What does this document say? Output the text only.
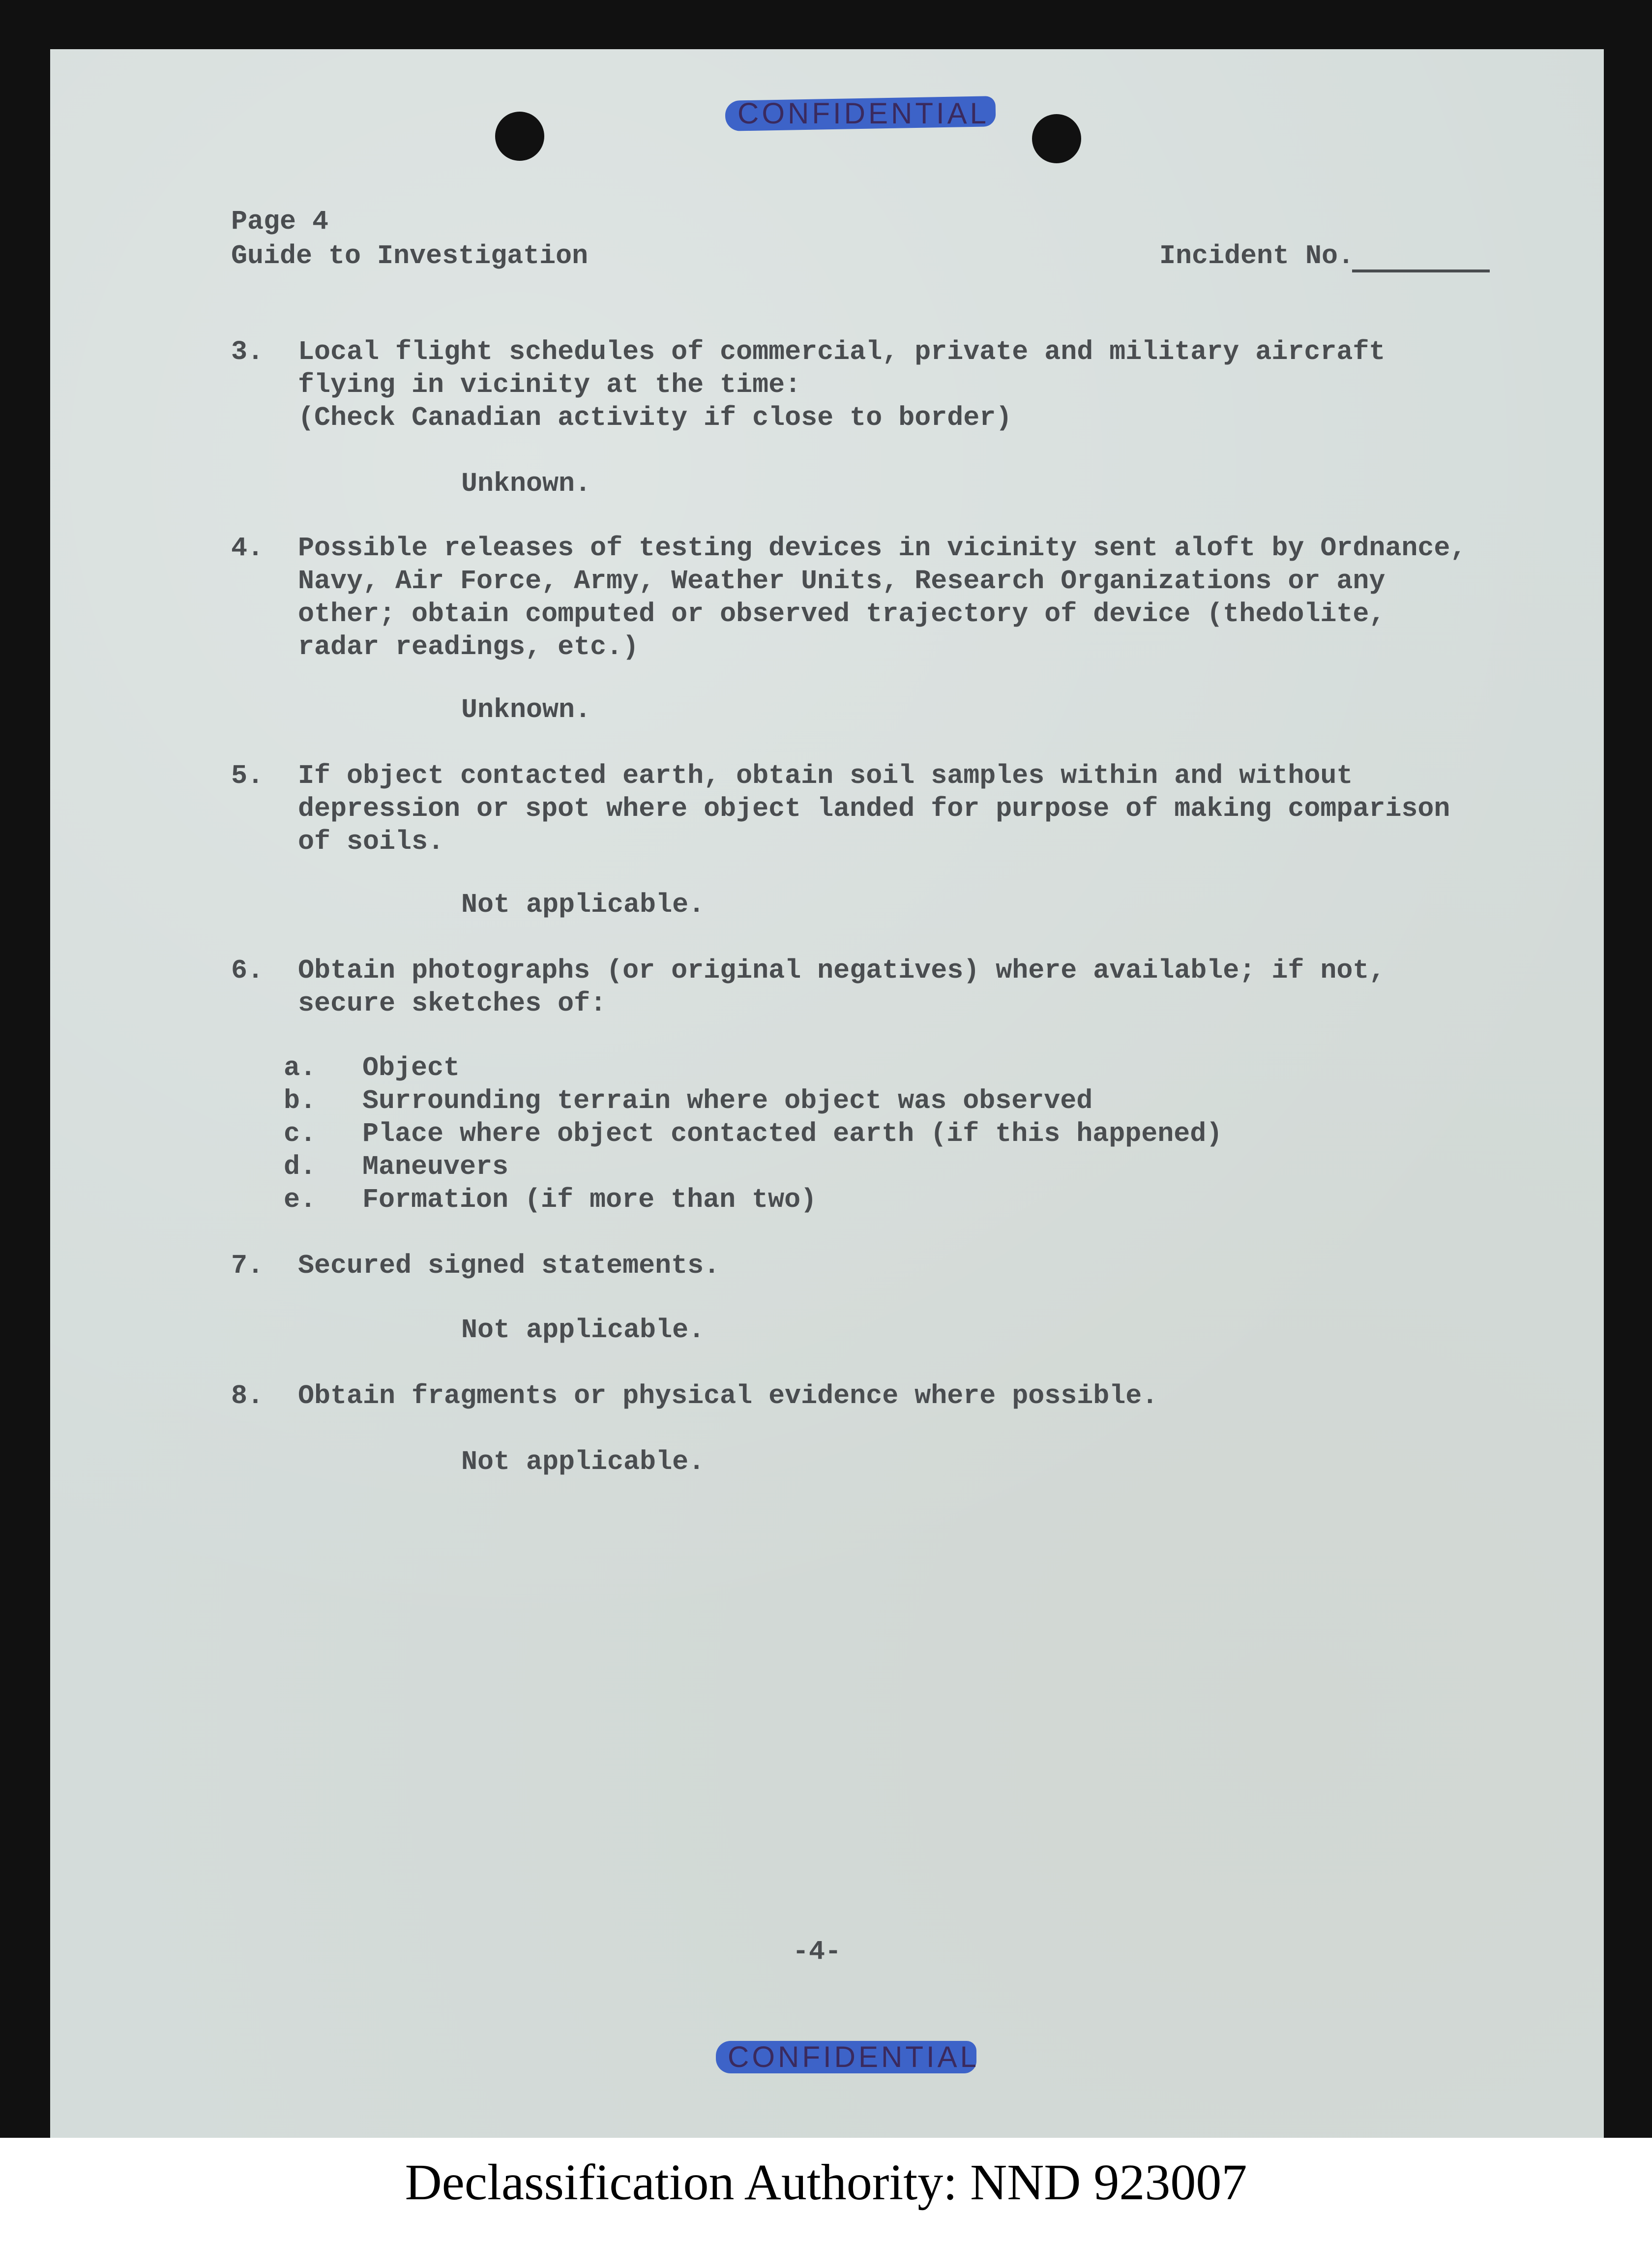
CONFIDENTIAL
CONFIDENTIAL
Page 4
Guide to Investigation	Incident No.
3. Local flight schedules of commercial, private and military aircraft
flying in vicinity at the time:
(Check Canadian activity if close to border)
Unknown.
4. Possible releases of testing devices in vicinity sent aloft by Ordnance,
Navy, Air Force, Army, Weather Units, Research Organizations or any
other; obtain computed or observed trajectory of device (thedolite,
radar readings, etc.)
Unknown.
5. If object contacted earth, obtain soil samples within and without
depression or spot where object landed for purpose of making comparison
of soils.
Not applicable.
6. Obtain photographs (or original negatives) where available; if not,
secure sketches of:
a. Object
b. Surrounding terrain where object was observed
c. Place where object contacted earth (if this happened)
d. Maneuvers
e. Formation (if more than two)
7. Secured signed statements.
Not applicable.
8. Obtain fragments or physical evidence where possible.
Not applicable.
-4-
Declassification Authority: NND 923007
